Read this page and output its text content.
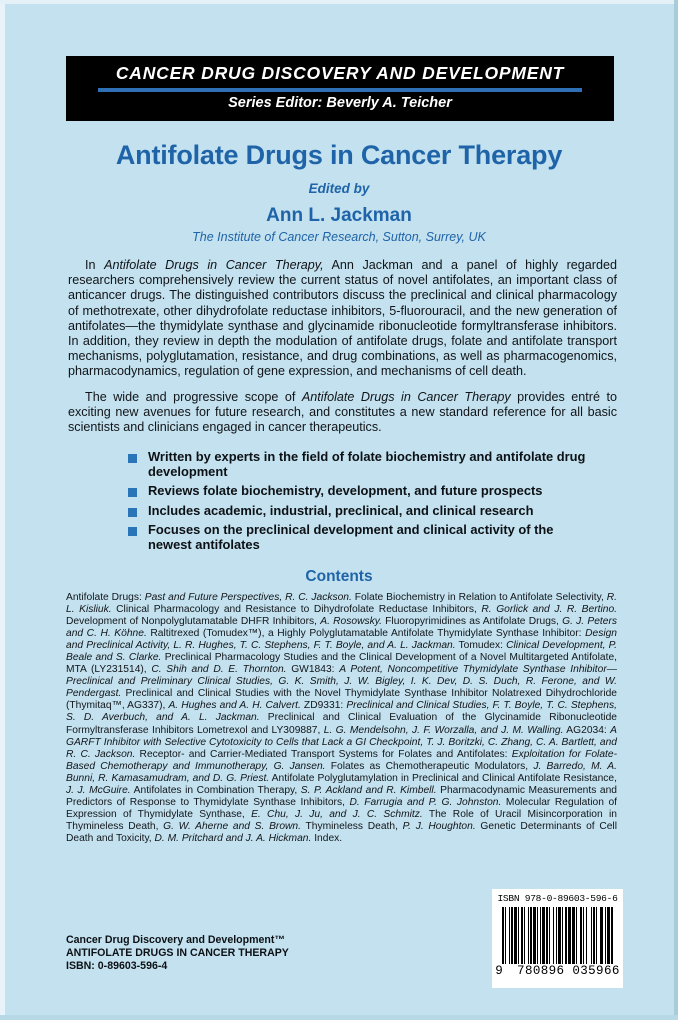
CANCER DRUG DISCOVERY AND DEVELOPMENT
Series Editor: Beverly A. Teicher
Antifolate Drugs in Cancer Therapy
Edited by
Ann L. Jackman
The Institute of Cancer Research, Sutton, Surrey, UK

In Antifolate Drugs in Cancer Therapy, Ann Jackman and a panel of highly regarded researchers comprehensively review the current status of novel antifolates, an important class of anticancer drugs. The distinguished contributors discuss the preclinical and clinical pharmacology of methotrexate, other dihydrofolate reductase inhibitors, 5-fluorouracil, and the new generation of antifolates—the thymidylate synthase and glycinamide ribonucleotide formyltransferase inhibitors. In addition, they review in depth the modulation of antifolate drugs, folate and antifolate transport mechanisms, polyglutamation, resistance, and drug combinations, as well as pharmacogenomics, pharmacodynamics, regulation of gene expression, and mechanisms of cell death.

The wide and progressive scope of Antifolate Drugs in Cancer Therapy provides entré to exciting new avenues for future research, and constitutes a new standard reference for all basic scientists and clinicians engaged in cancer therapeutics.

Written by experts in the field of folate biochemistry and antifolate drug development
Reviews folate biochemistry, development, and future prospects
Includes academic, industrial, preclinical, and clinical research
Focuses on the preclinical development and clinical activity of the newest antifolates
Contents
Antifolate Drugs: Past and Future Perspectives, R. C. Jackson. Folate Biochemistry in Relation to Antifolate Selectivity, R. L. Kisliuk. Clinical Pharmacology and Resistance to Dihydrofolate Reductase Inhibitors, R. Gorlick and J. R. Bertino. Development of Nonpolyglutamatable DHFR Inhibitors, A. Rosowsky. Fluoropyrimidines as Antifolate Drugs, G. J. Peters and C. H. Köhne. Raltitrexed (Tomudex™), a Highly Polyglutamatable Antifolate Thymidylate Synthase Inhibitor: Design and Preclinical Activity, L. R. Hughes, T. C. Stephens, F. T. Boyle, and A. L. Jackman. Tomudex: Clinical Development, P. Beale and S. Clarke. Preclinical Pharmacology Studies and the Clinical Development of a Novel Multitargeted Antifolate, MTA (LY231514), C. Shih and D. E. Thornton. GW1843: A Potent, Noncompetitive Thymidylate Synthase Inhibitor—Preclinical and Preliminary Clinical Studies, G. K. Smith, J. W. Bigley, I. K. Dev, D. S. Duch, R. Ferone, and W. Pendergast. Preclinical and Clinical Studies with the Novel Thymidylate Synthase Inhibitor Nolatrexed Dihydrochloride (Thymitaq™, AG337), A. Hughes and A. H. Calvert. ZD9331: Preclinical and Clinical Studies, F. T. Boyle, T. C. Stephens, S. D. Averbuch, and A. L. Jackman. Preclinical and Clinical Evaluation of the Glycinamide Ribonucleotide Formyltransferase Inhibitors Lometrexol and LY309887, L. G. Mendelsohn, J. F. Worzalla, and J. M. Walling. AG2034: A GARFT Inhibitor with Selective Cytotoxicity to Cells that Lack a GI Checkpoint, T. J. Boritzki, C. Zhang, C. A. Bartlett, and R. C. Jackson. Receptor- and Carrier-Mediated Transport Systems for Folates and Antifolates: Exploitation for Folate-Based Chemotherapy and Immunotherapy, G. Jansen. Folates as Chemotherapeutic Modulators, J. Barredo, M. A. Bunni, R. Kamasamudram, and D. G. Priest. Antifolate Polyglutamylation in Preclinical and Clinical Antifolate Resistance, J. J. McGuire. Antifolates in Combination Therapy, S. P. Ackland and R. Kimbell. Pharmacodynamic Measurements and Predictors of Response to Thymidylate Synthase Inhibitors, D. Farrugia and P. G. Johnston. Molecular Regulation of Expression of Thymidylate Synthase, E. Chu, J. Ju, and J. C. Schmitz. The Role of Uracil Misincorporation in Thymineless Death, G. W. Aherne and S. Brown. Thymineless Death, P. J. Houghton. Genetic Determinants of Cell Death and Toxicity, D. M. Pritchard and J. A. Hickman. Index.
Cancer Drug Discovery and Development™
ANTIFOLATE DRUGS IN CANCER THERAPY
ISBN: 0-89603-596-4
ISBN 978-0-89603-596-6
9 780896 035966
